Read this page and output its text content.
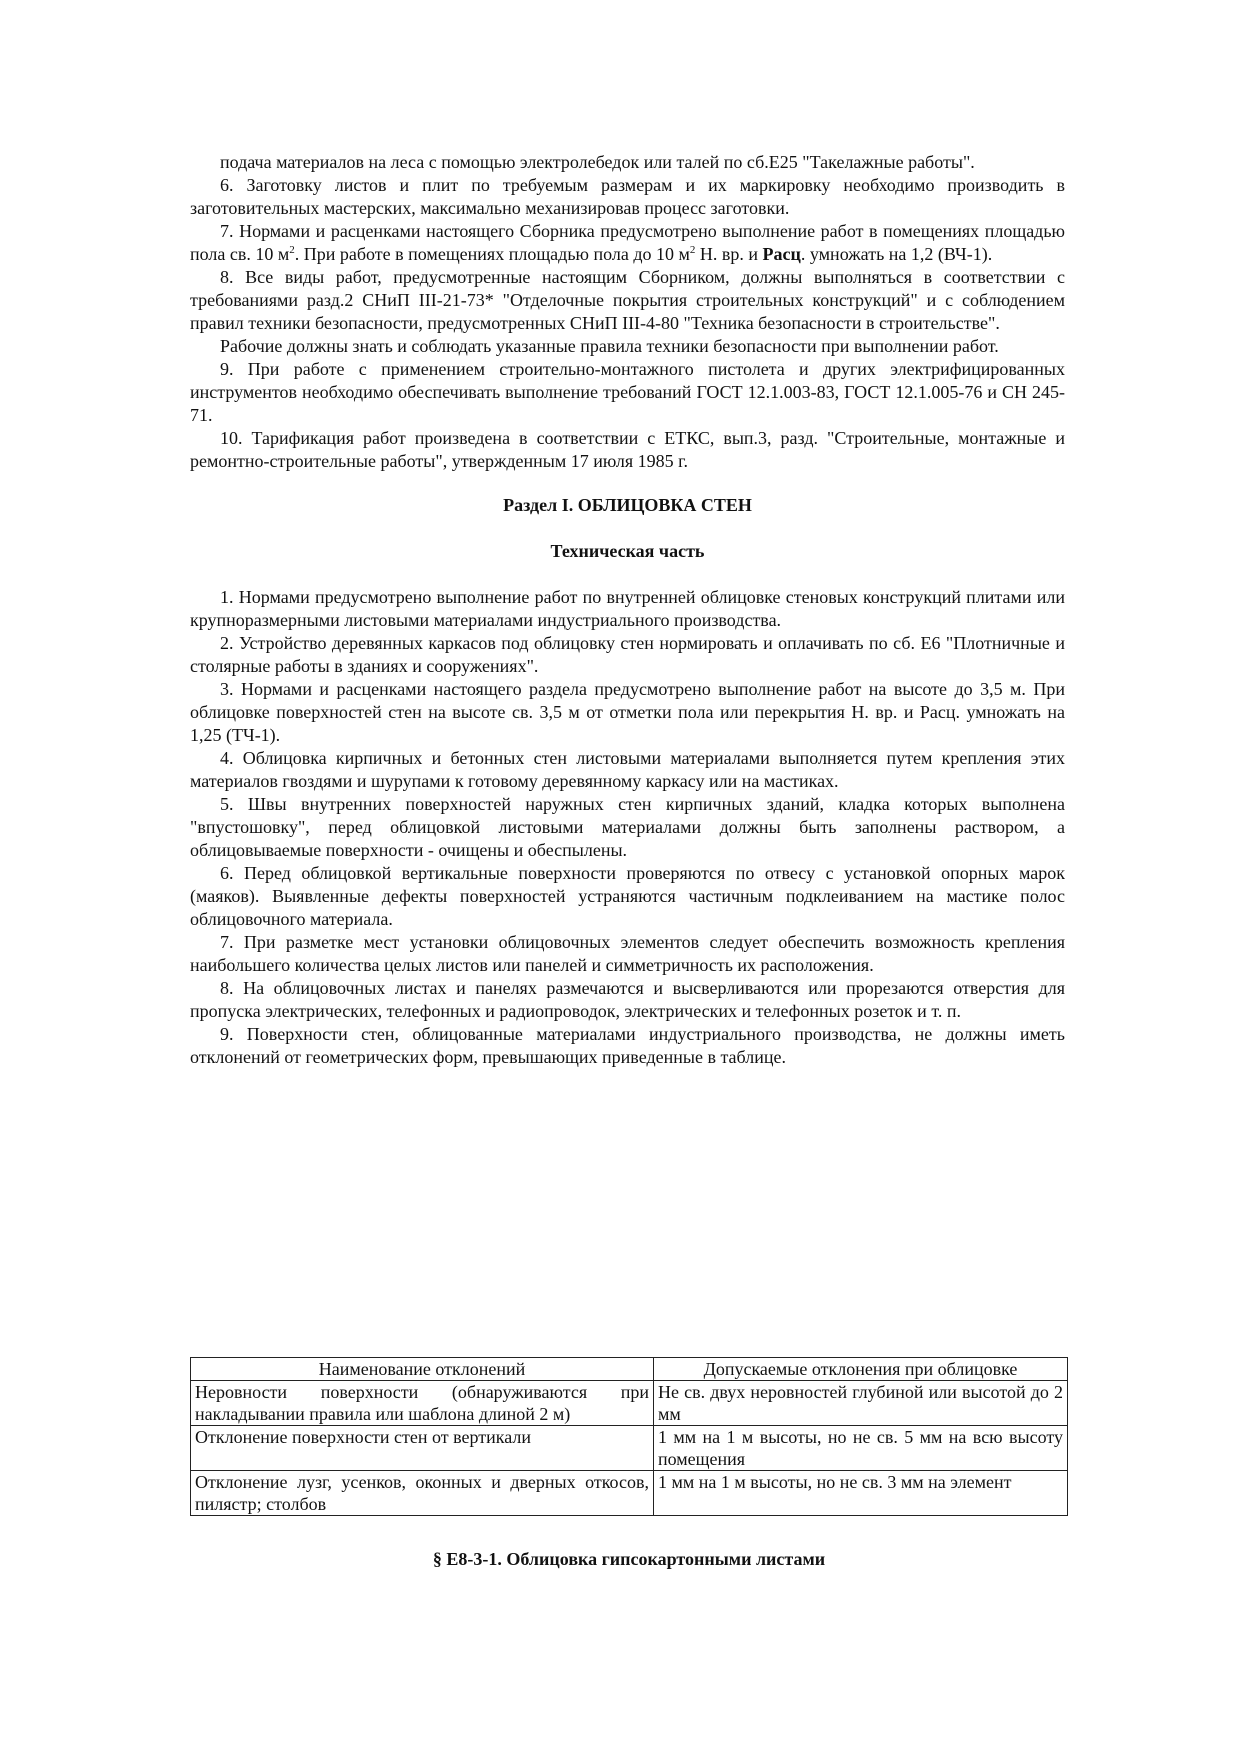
подача материалов на леса с помощью электролебедок или талей по сб.Е25 "Такелажные работы".

6. Заготовку листов и плит по требуемым размерам и их маркировку необходимо производить в заготовительных мастерских, максимально механизировав процесс заготовки.

7. Нормами и расценками настоящего Сборника предусмотрено выполнение работ в помещениях площадью пола св. 10 $м^2$. При работе в помещениях площадью пола до 10 $м^2$ Н. вр. и Расц. умножать на 1,2 (ВЧ-1).

8. Все виды работ, предусмотренные настоящим Сборником, должны выполняться в соответствии с требованиями разд.2 СНиП III-21-73* "Отделочные покрытия строительных конструкций" и с соблюдением правил техники безопасности, предусмотренных СНиП III-4-80 "Техника безопасности в строительстве".

Рабочие должны знать и соблюдать указанные правила техники безопасности при выполнении работ.

9. При работе с применением строительно-монтажного пистолета и других электрифицированных инструментов необходимо обеспечивать выполнение требований ГОСТ 12.1.003-83, ГОСТ 12.1.005-76 и СН 245-71.

10. Тарификация работ произведена в соответствии с ЕТКС, вып.3, разд. "Строительные, монтажные и ремонтно-строительные работы", утвержденным 17 июля 1985 г.

Раздел I. ОБЛИЦОВКА СТЕН
Техническая часть

1. Нормами предусмотрено выполнение работ по внутренней облицовке стеновых конструкций плитами или крупноразмерными листовыми материалами индустриального производства.

2. Устройство деревянных каркасов под облицовку стен нормировать и оплачивать по сб. Е6 "Плотничные и столярные работы в зданиях и сооружениях".

3. Нормами и расценками настоящего раздела предусмотрено выполнение работ на высоте до 3,5 м. При облицовке поверхностей стен на высоте св. 3,5 м от отметки пола или перекрытия Н. вр. и Расц. умножать на 1,25 (ТЧ-1).

4. Облицовка кирпичных и бетонных стен листовыми материалами выполняется путем крепления этих материалов гвоздями и шурупами к готовому деревянному каркасу или на мастиках.

5. Швы внутренних поверхностей наружных стен кирпичных зданий, кладка которых выполнена "впустошовку", перед облицовкой листовыми материалами должны быть заполнены раствором, а облицовываемые поверхности - очищены и обеспылены.

6. Перед облицовкой вертикальные поверхности проверяются по отвесу с установкой опорных марок (маяков). Выявленные дефекты поверхностей устраняются частичным подклеиванием на мастике полос облицовочного материала.

7. При разметке мест установки облицовочных элементов следует обеспечить возможность крепления наибольшего количества целых листов или панелей и симметричность их расположения.

8. На облицовочных листах и панелях размечаются и высверливаются или прорезаются отверстия для пропуска электрических, телефонных и радиопроводок, электрических и телефонных розеток и т. п.

9. Поверхности стен, облицованные материалами индустриального производства, не должны иметь отклонений от геометрических форм, превышающих приведенные в таблице.

Наименование отклонений	Допускаемые отклонения при облицовке
Неровности поверхности (обнаруживаются при накладывании правила или шаблона длиной 2 м)	Не св. двух неровностей глубиной или высотой до 2 мм
Отклонение поверхности стен от вертикали	1 мм на 1 м высоты, но не св. 5 мм на всю высоту помещения
Отклонение лузг, усенков, оконных и дверных откосов, пилястр; столбов	1 мм на 1 м высоты, но не св. 3 мм на элемент
§ Е8-3-1. Облицовка гипсокартонными листами
